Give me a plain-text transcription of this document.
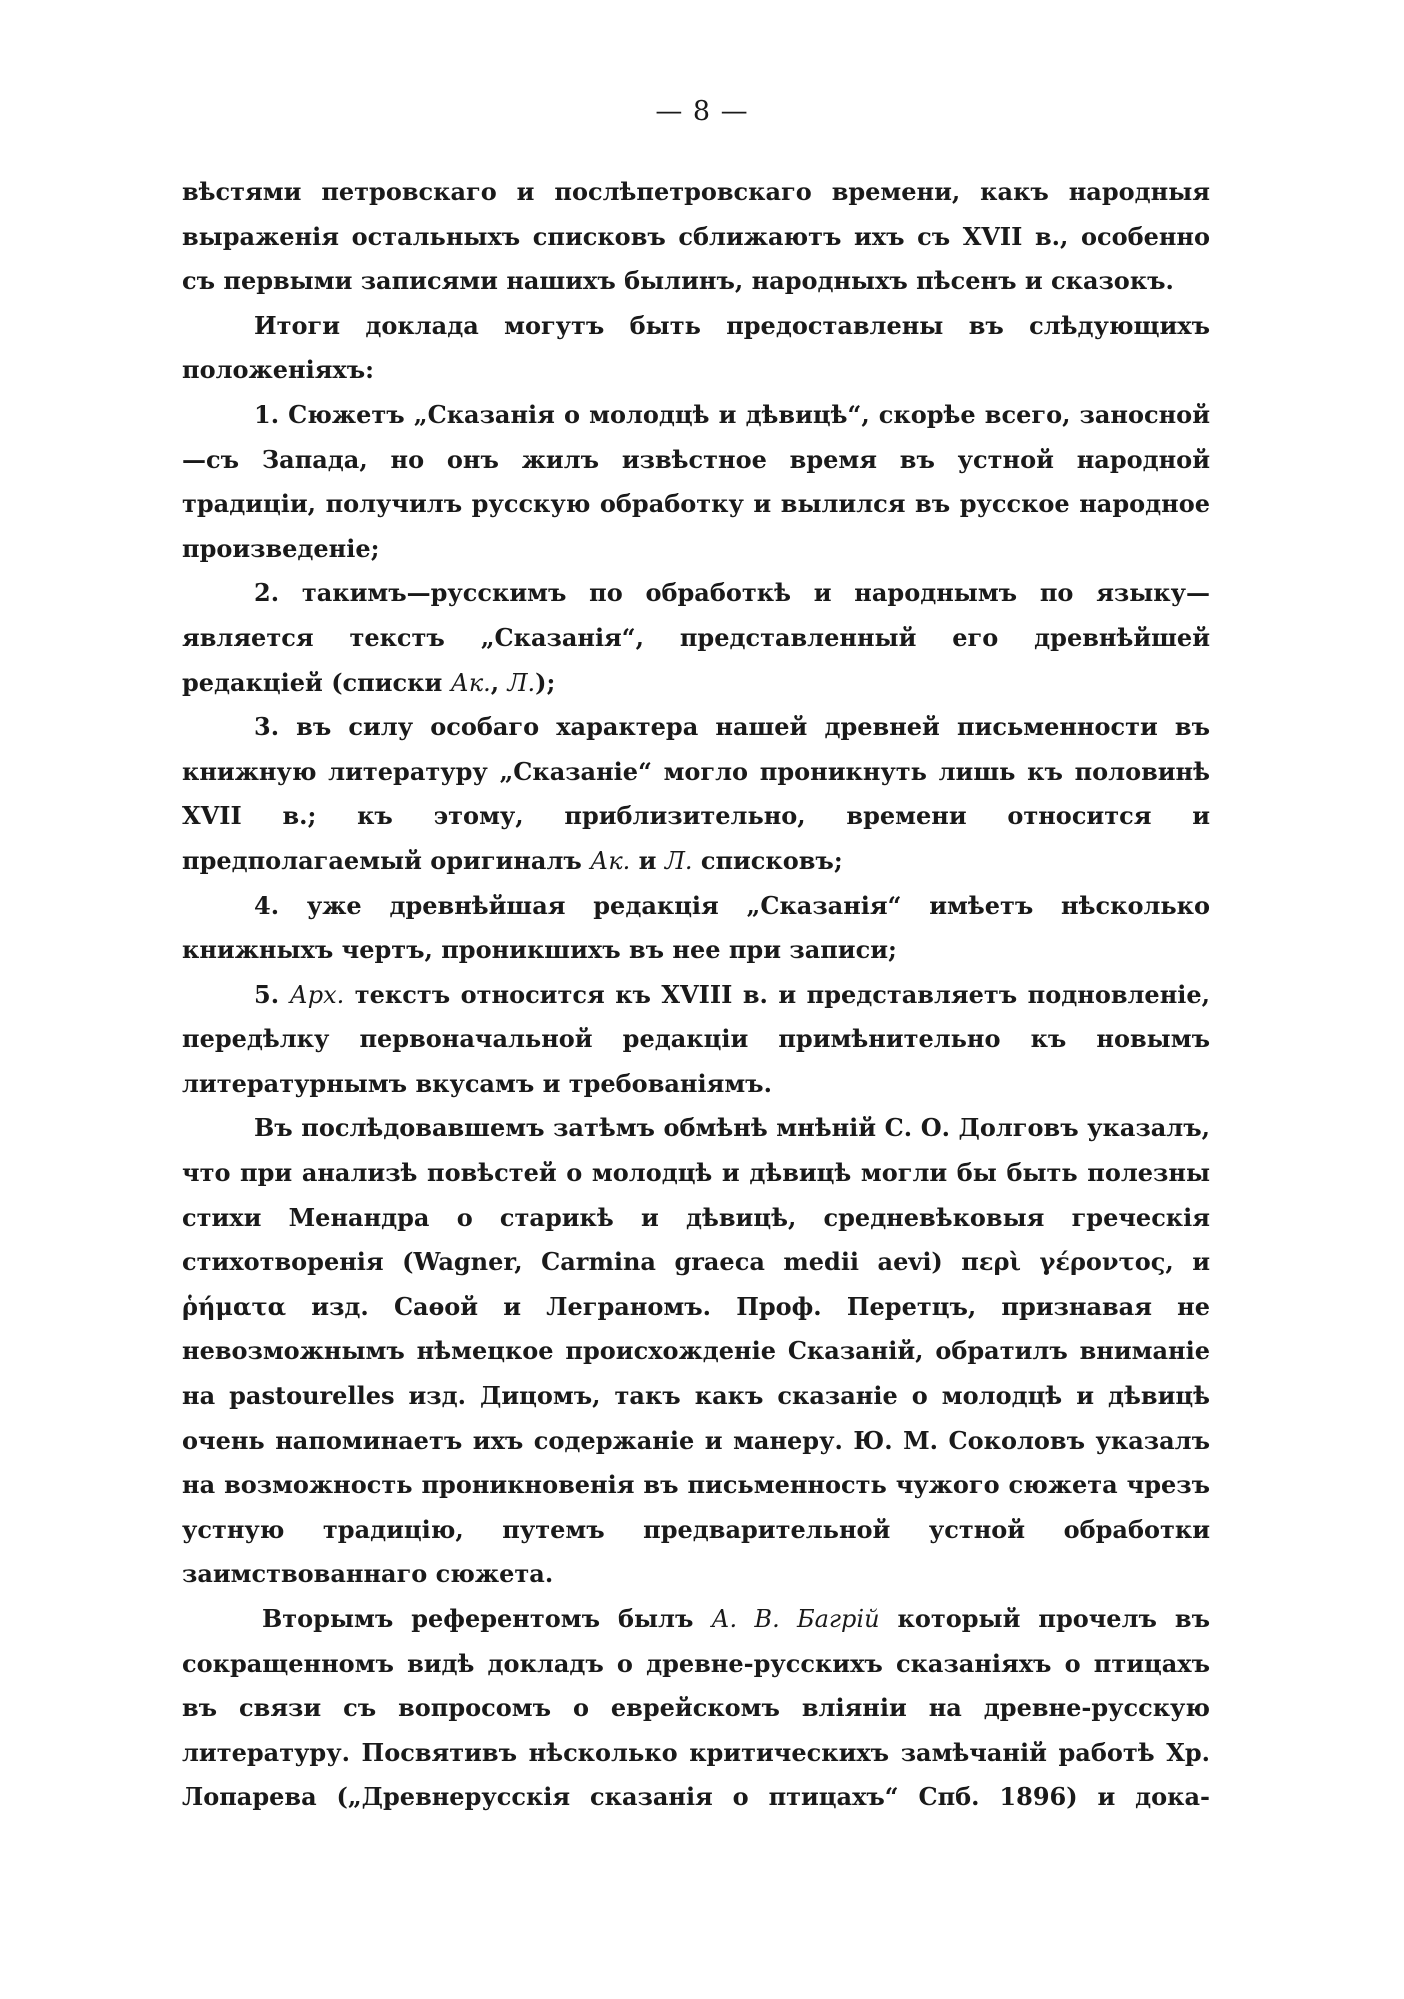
— 8 —

вѣстями петровскаго и послѣпетровскаго времени, какъ народныя выраженія остальныхъ списковъ сближаютъ ихъ съ XVII в., особенно съ первыми записями нашихъ былинъ, народныхъ пѣсенъ и сказокъ.

Итоги доклада могутъ быть предоставлены въ слѣдующихъ положеніяхъ:

1. Сюжетъ „Сказанія о молодцѣ и дѣвицѣ“, скорѣе всего, заносной—съ Запада, но онъ жилъ извѣстное время въ устной народной традиціи, получилъ русскую обработку и вылился въ русское народное произведеніе;

2. такимъ—русскимъ по обработкѣ и народнымъ по языку—является текстъ „Сказанія“, представленный его древнѣйшей редакціей (списки Ак., Л.);

3. въ силу особаго характера нашей древней письменности въ книжную литературу „Сказаніе“ могло проникнуть лишь къ половинѣ XVII в.; къ этому, приблизительно, времени относится и предполагаемый оригиналъ Ак. и Л. списковъ;

4. уже древнѣйшая редакція „Сказанія“ имѣетъ нѣсколько книжныхъ чертъ, проникшихъ въ нее при записи;

5. Арх. текстъ относится къ XVIII в. и представляетъ подновленіе, передѣлку первоначальной редакціи примѣнительно къ новымъ литературнымъ вкусамъ и требованіямъ.

Въ послѣдовавшемъ затѣмъ обмѣнѣ мнѣній С. О. Долговъ указалъ, что при анализѣ повѣстей о молодцѣ и дѣвицѣ могли бы быть полезны стихи Менандра о старикѣ и дѣвицѣ, средневѣковыя греческія стихотворенія (Wagner, Carmina graeca medii aevi) περὶ γέροντος, и ῥήματα изд. Саѳой и Леграномъ. Проф. Перетцъ, признавая не невозможнымъ нѣмецкое происхожденіе Сказаній, обратилъ вниманіе на pastourelles изд. Дицомъ, такъ какъ сказаніе о молодцѣ и дѣвицѣ очень напоминаетъ ихъ содержаніе и манеру. Ю. М. Соколовъ указалъ на возможность проникновенія въ письменность чужого сюжета чрезъ устную традицію, путемъ предварительной устной обработки заимствованнаго сюжета.

Вторымъ референтомъ былъ А. В. Багрій который прочелъ въ сокращенномъ видѣ докладъ о древне-русскихъ сказаніяхъ о птицахъ въ связи съ вопросомъ о еврейскомъ вліяніи на древне-русскую литературу. Посвятивъ нѣсколько критическихъ замѣчаній работѣ Хр. Лопарева („Древнерусскія сказанія о птицахъ“ Спб. 1896) и дока-
